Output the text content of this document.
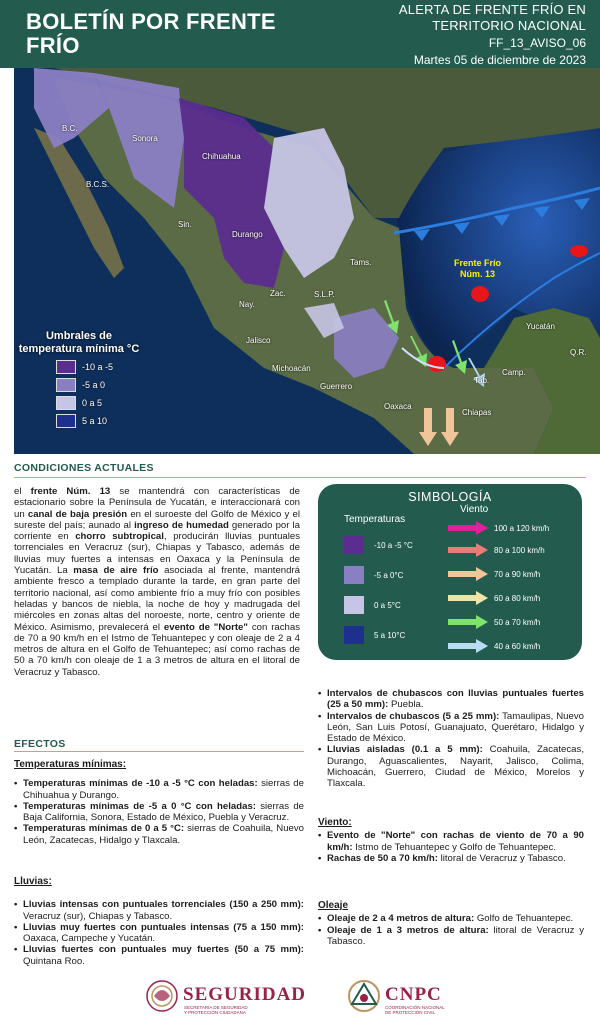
BOLETÍN POR FRENTE
FRÍO
ALERTA DE FRENTE FRÍO EN
TERRITORIO NACIONAL
FF_13_AVISO_06
Martes 05 de diciembre de 2023
B.C.S.
Sonora
Chihuahua
Sin.
Durango
Tams.
Nay.
S.L.P.
Zac.
Jalisco
Michoacán
Guerrero
Oaxaca
Chiapas
Tab.
Camp.
Yucatán
Q.R.
Frente Frío
Núm. 13
Umbrales de
temperatura mínima °C
-10 a -5
-5 a 0
0 a 5
5 a 10
B.C.
CONDICIONES ACTUALES
el frente Núm. 13 se mantendrá con características de estacionario sobre la Península de Yucatán, e interaccionará con un canal de baja presión en el suroeste del Golfo de México y el sureste del país; aunado al ingreso de humedad generado por la corriente en chorro subtropical, producirán lluvias puntuales torrenciales en Veracruz (sur), Chiapas y Tabasco, además de lluvias muy fuertes a intensas en Oaxaca y la Península de Yucatán. La masa de aire frío asociada al frente, mantendrá ambiente fresco a templado durante la tarde, en gran parte del territorio nacional, así como ambiente frío a muy frío con posibles heladas y bancos de niebla, la noche de hoy y madrugada del miércoles en zonas altas del noroeste, norte, centro y oriente de México. Asimismo, prevalecerá el evento de "Norte" con rachas de 70 a 90 km/h en el Istmo de Tehuantepec y con oleaje de 2 a 4 metros de altura en el Golfo de Tehuantepec; así como rachas de 50 a 70 km/h con oleaje de 1 a 3 metros de altura en el litoral de Veracruz y Tabasco.
SIMBOLOGÍA
Temperaturas
Viento
-10 a -5 °C
-5 a 0°C
0 a 5°C
5 a 10°C
100 a 120 km/h
80 a 100 km/h
70 a 90 km/h
60 a 80 km/h
50 a 70 km/h
40 a 60 km/h
EFECTOS
Temperaturas mínimas:
• Temperaturas mínimas de -10 a -5 °C con heladas: sierras de Chihuahua y Durango.
• Temperaturas mínimas de -5 a 0 °C con heladas: sierras de Baja California, Sonora, Estado de México, Puebla y Veracruz.
• Temperaturas mínimas de 0 a 5 °C: sierras de Coahuila, Nuevo León, Zacatecas, Hidalgo y Tlaxcala.
Lluvias:
• Lluvias intensas con puntuales torrenciales (150 a 250 mm): Veracruz (sur), Chiapas y Tabasco.
• Lluvias muy fuertes con puntuales intensas (75 a 150 mm): Oaxaca, Campeche y Yucatán.
• Lluvias fuertes con puntuales muy fuertes (50 a 75 mm): Quintana Roo.
• Intervalos de chubascos con lluvias puntuales fuertes (25 a 50 mm): Puebla.
• Intervalos de chubascos (5 a 25 mm): Tamaulipas, Nuevo León, San Luis Potosí, Guanajuato, Querétaro, Hidalgo y Estado de México.
• Lluvias aisladas (0.1 a 5 mm): Coahuila, Zacatecas, Durango, Aguascalientes, Nayarit, Jalisco, Colima, Michoacán, Guerrero, Ciudad de México, Morelos y Tlaxcala.
Viento:
• Evento de "Norte" con rachas de viento de 70 a 90 km/h: Istmo de Tehuantepec y Golfo de Tehuantepec.
• Rachas de 50 a 70 km/h: litoral de Veracruz y Tabasco.
Oleaje
• Oleaje de 2 a 4 metros de altura: Golfo de Tehuantepec.
• Oleaje de 1 a 3 metros de altura: litoral de Veracruz y Tabasco.
SEGURIDAD
SECRETARÍA DE SEGURIDAD
Y PROTECCIÓN CIUDADANA
CNPC
COORDINACIÓN NACIONAL
DE PROTECCIÓN CIVIL
